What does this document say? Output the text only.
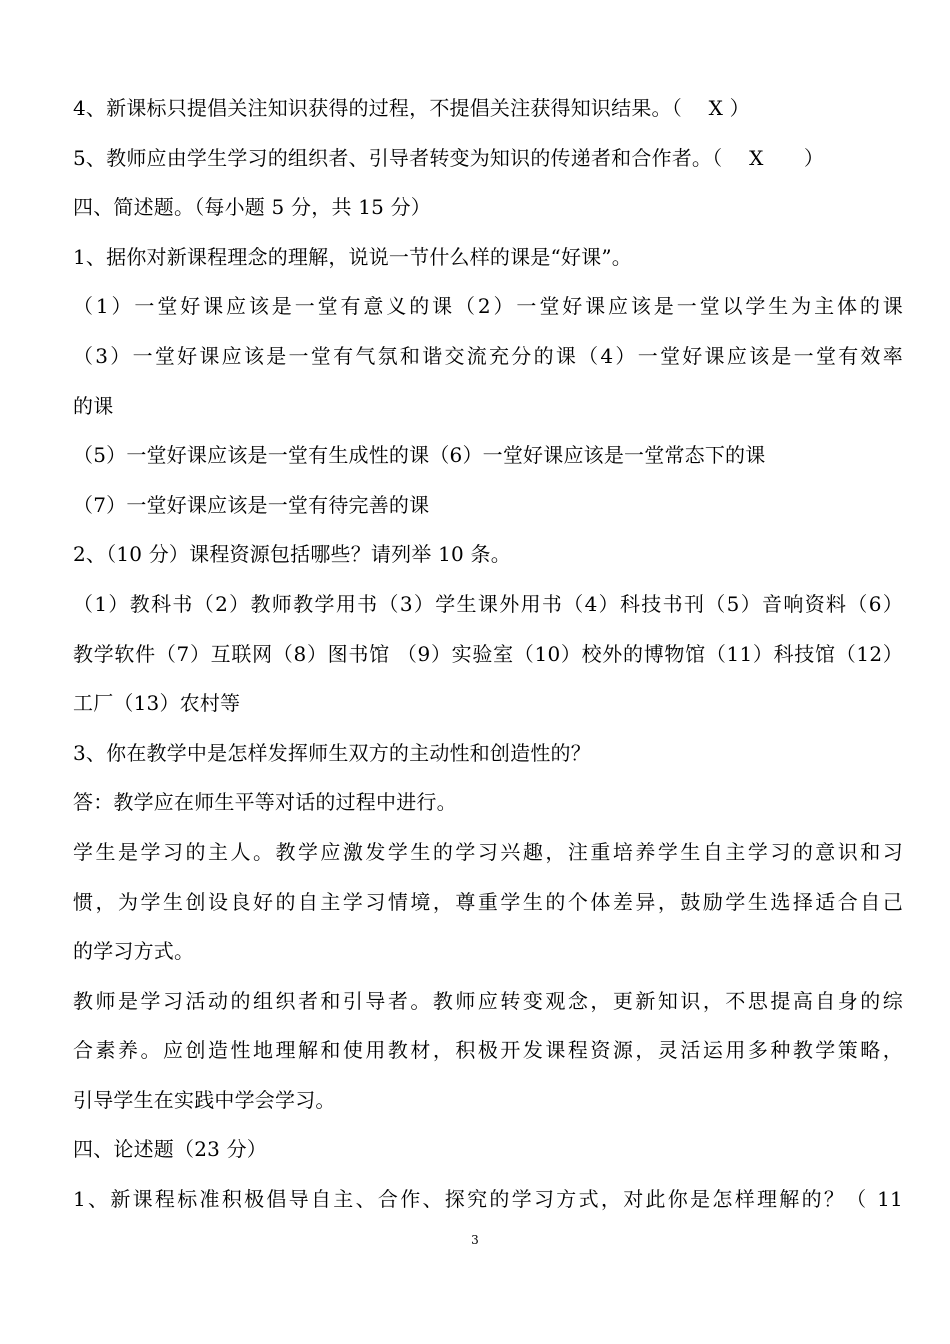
4、新课标只提倡关注知识获得的过程，不提倡关注获得知识结果。（　 X ）
5、教师应由学生学习的组织者、引导者转变为知识的传递者和合作者。（　 X　　）
四、简述题。（每小题 5 分，共 15 分）
1、据你对新课程理念的理解，说说一节什么样的课是“好课”。
（1）一堂好课应该是一堂有意义的课（2）一堂好课应该是一堂以学生为主体的课
（3）一堂好课应该是一堂有气氛和谐交流充分的课（4）一堂好课应该是一堂有效率
的课
（5）一堂好课应该是一堂有生成性的课（6）一堂好课应该是一堂常态下的课
（7）一堂好课应该是一堂有待完善的课
2、（10 分）课程资源包括哪些？请列举 10 条。
（1）教科书（2）教师教学用书（3）学生课外用书（4）科技书刊（5）音响资料（6）
教学软件（7）互联网（8）图书馆 （9）实验室（10）校外的博物馆（11）科技馆（12）
工厂（13）农村等
3、你在教学中是怎样发挥师生双方的主动性和创造性的？
答：教学应在师生平等对话的过程中进行。
学生是学习的主人。教学应激发学生的学习兴趣，注重培养学生自主学习的意识和习
惯，为学生创设良好的自主学习情境，尊重学生的个体差异，鼓励学生选择适合自己
的学习方式。
教师是学习活动的组织者和引导者。教师应转变观念，更新知识，不思提高自身的综
合素养。应创造性地理解和使用教材，积极开发课程资源，灵活运用多种教学策略，
引导学生在实践中学会学习。
四、论述题（23 分）
1、新课程标准积极倡导自主、合作、探究的学习方式，对此你是怎样理解的？（ 11
3
